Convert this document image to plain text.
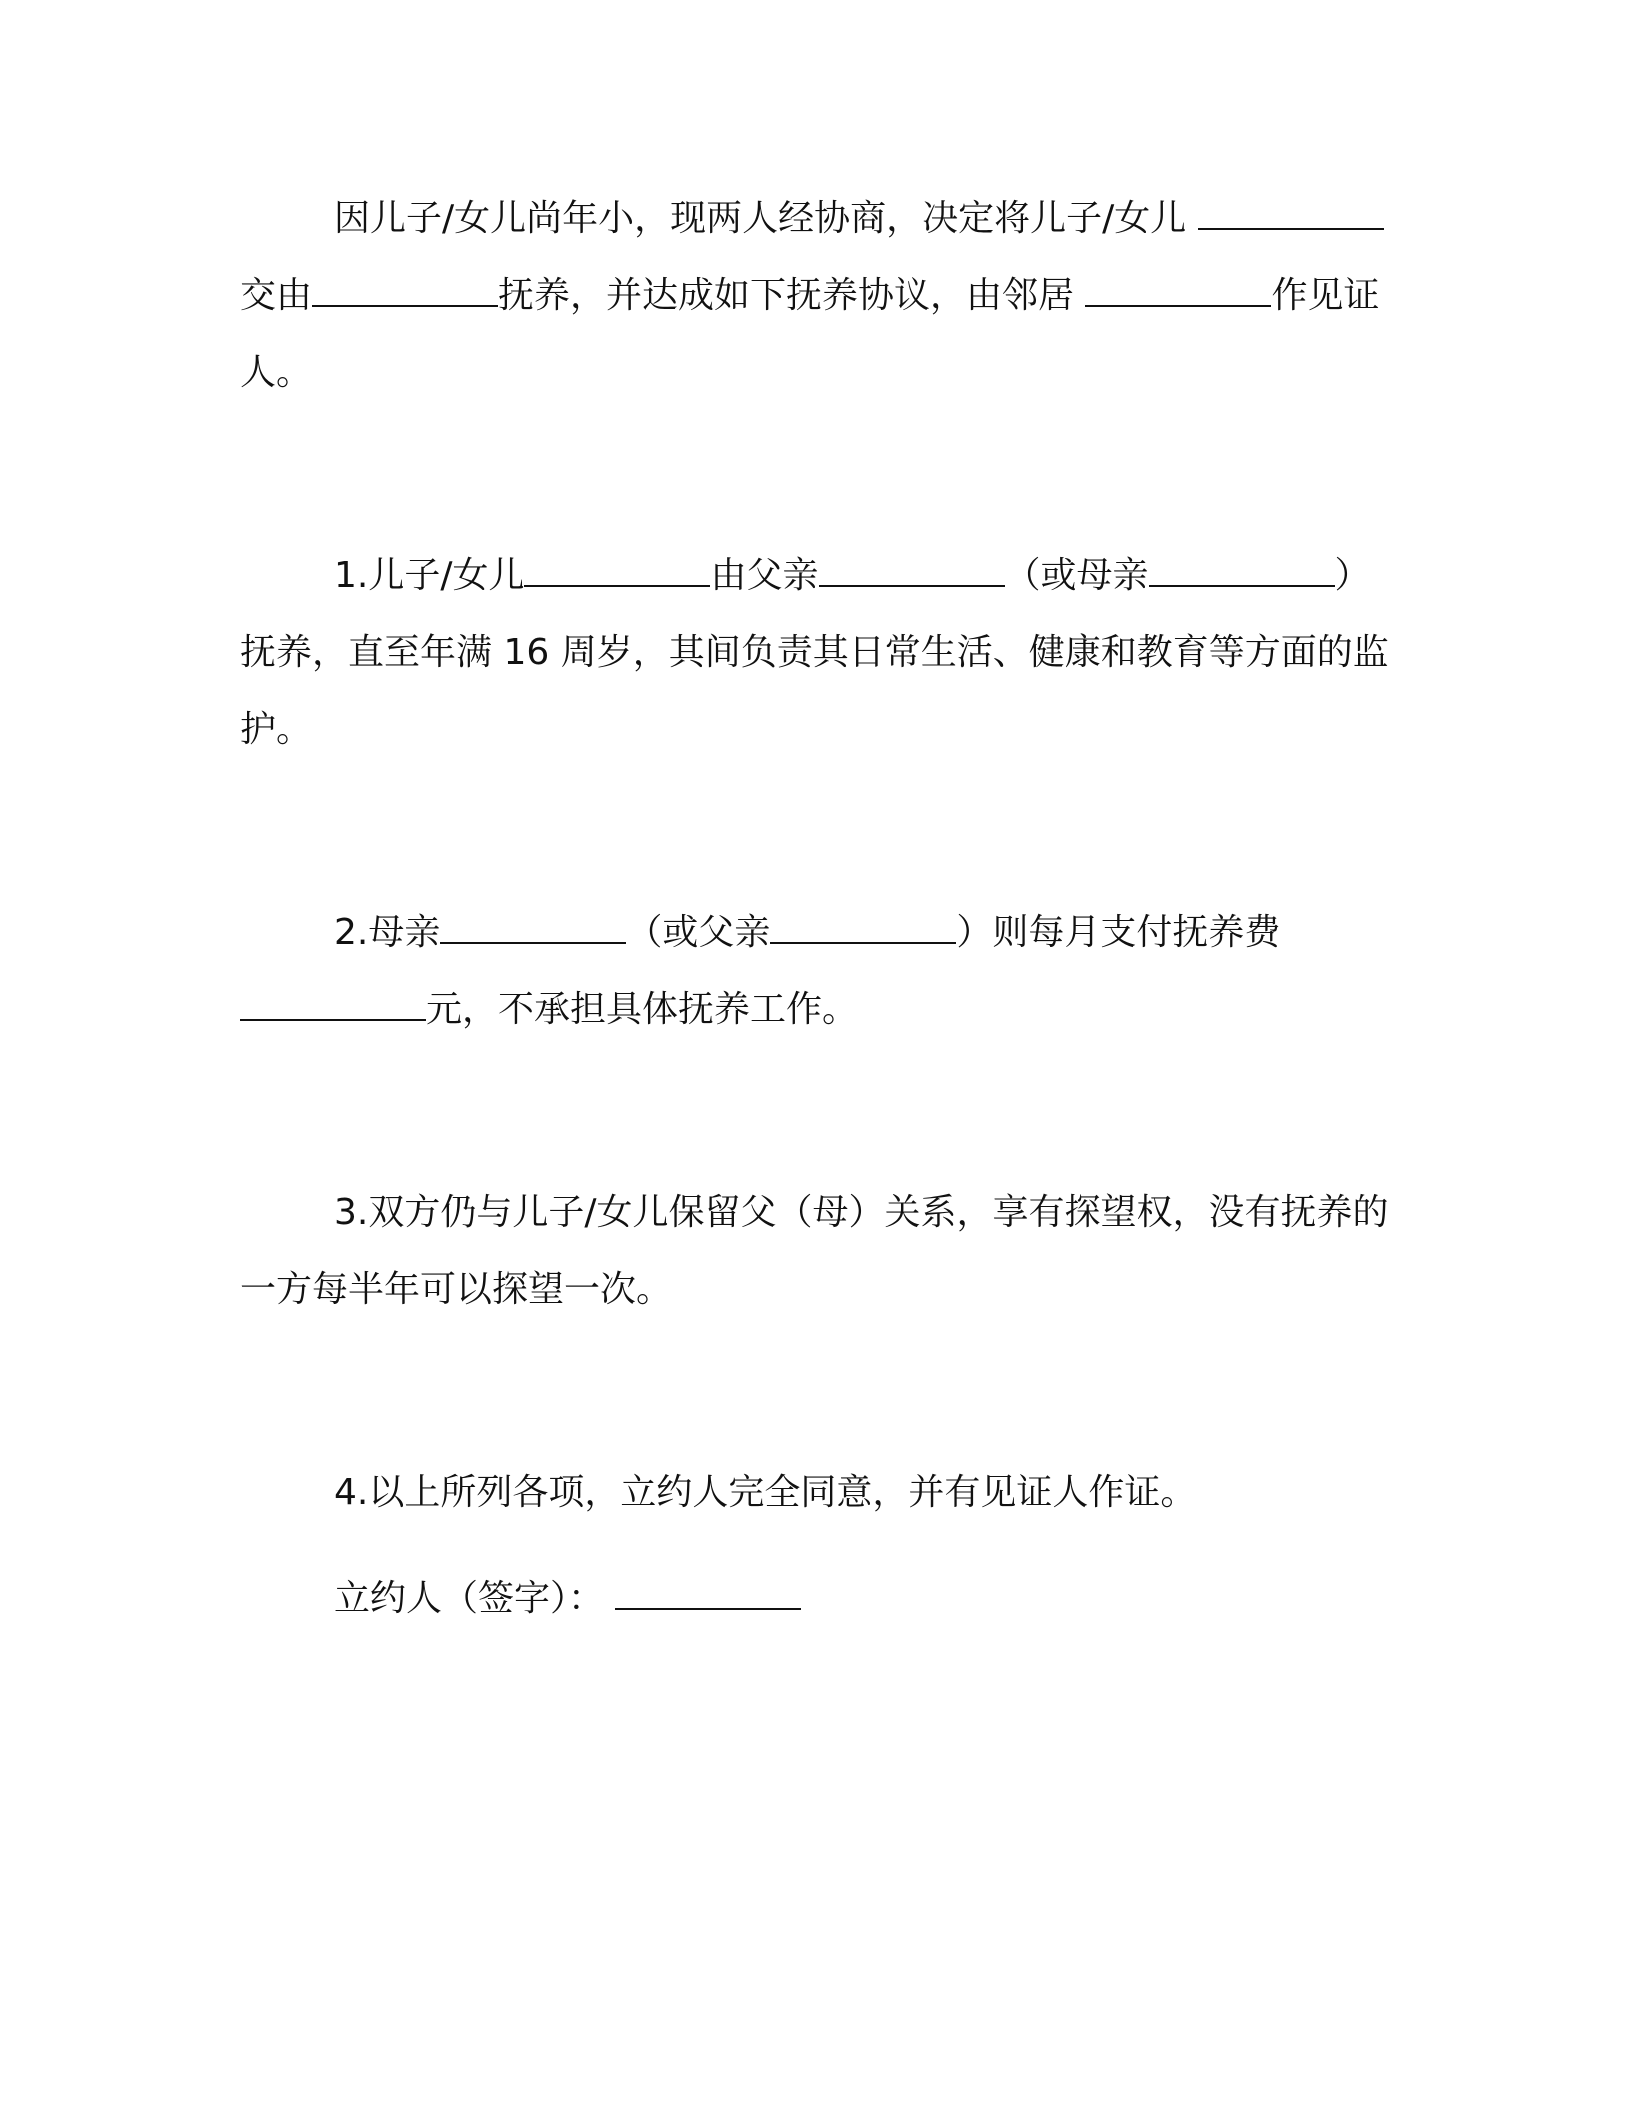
因儿子/女儿尚年小，现两人经协商，决定将儿子/女儿 交由	抚养，并达成如下抚养协议，由邻居	作见证人。

1.儿子/女儿	由父亲	（或母亲	）抚养，直至年满 16 周岁，其间负责其日常生活、健康和教育等方面的监护。

2.母亲	（或父亲	）则每月支付抚养费 元，不承担具体抚养工作。

3.双方仍与儿子/女儿保留父（母）关系，享有探望权，没有抚养的一方每半年可以探望一次。

4.以上所列各项，立约人完全同意，并有见证人作证。

立约人（签字）：
